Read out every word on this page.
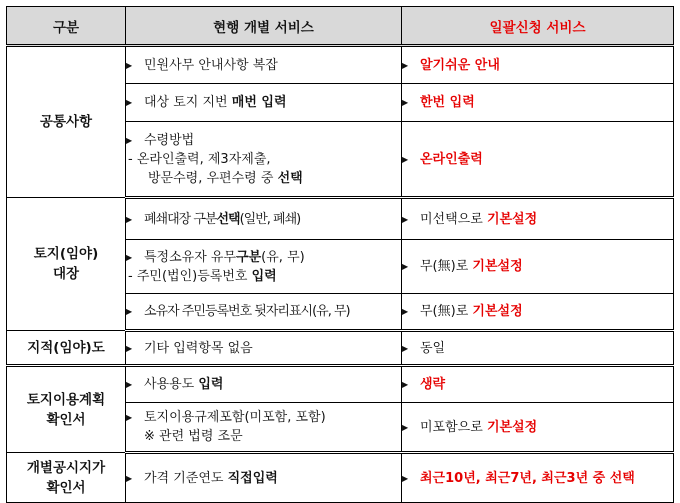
구분	현행 개별 서비스	일괄신청 서비스
공통사항	▶ 민원사무 안내사항 복잡	▶ 알기쉬운 안내

	▶ 대상 토지 지번 매번 입력	▶ 한번 입력

	▶ 수령방법
- 온라인출력, 제3자제출,
방문수령, 우편수령 중 선택	▶ 온라인출력

토지(임야)
대장	▶ 폐쇄대장 구분선택(일반, 폐쇄)	▶ 미선택으로 기본설정

	▶ 특정소유자 유무구분(유, 무)
- 주민(법인)등록번호 입력	▶ 무(無)로 기본설정

	▶ 소유자 주민등록번호 뒷자리표시(유, 무)	▶ 무(無)로 기본설정

지적(임야)도	▶ 기타 입력항목 없음	▶ 동일

토지이용계획
확인서	▶ 사용용도 입력	▶ 생략

	▶ 토지이용규제포함(미포함, 포함)
※ 관련 법령 조문	▶ 미포함으로 기본설정

개별공시지가
확인서	▶ 가격 기준연도 직접입력	▶ 최근10년, 최근7년, 최근3년 중 선택
